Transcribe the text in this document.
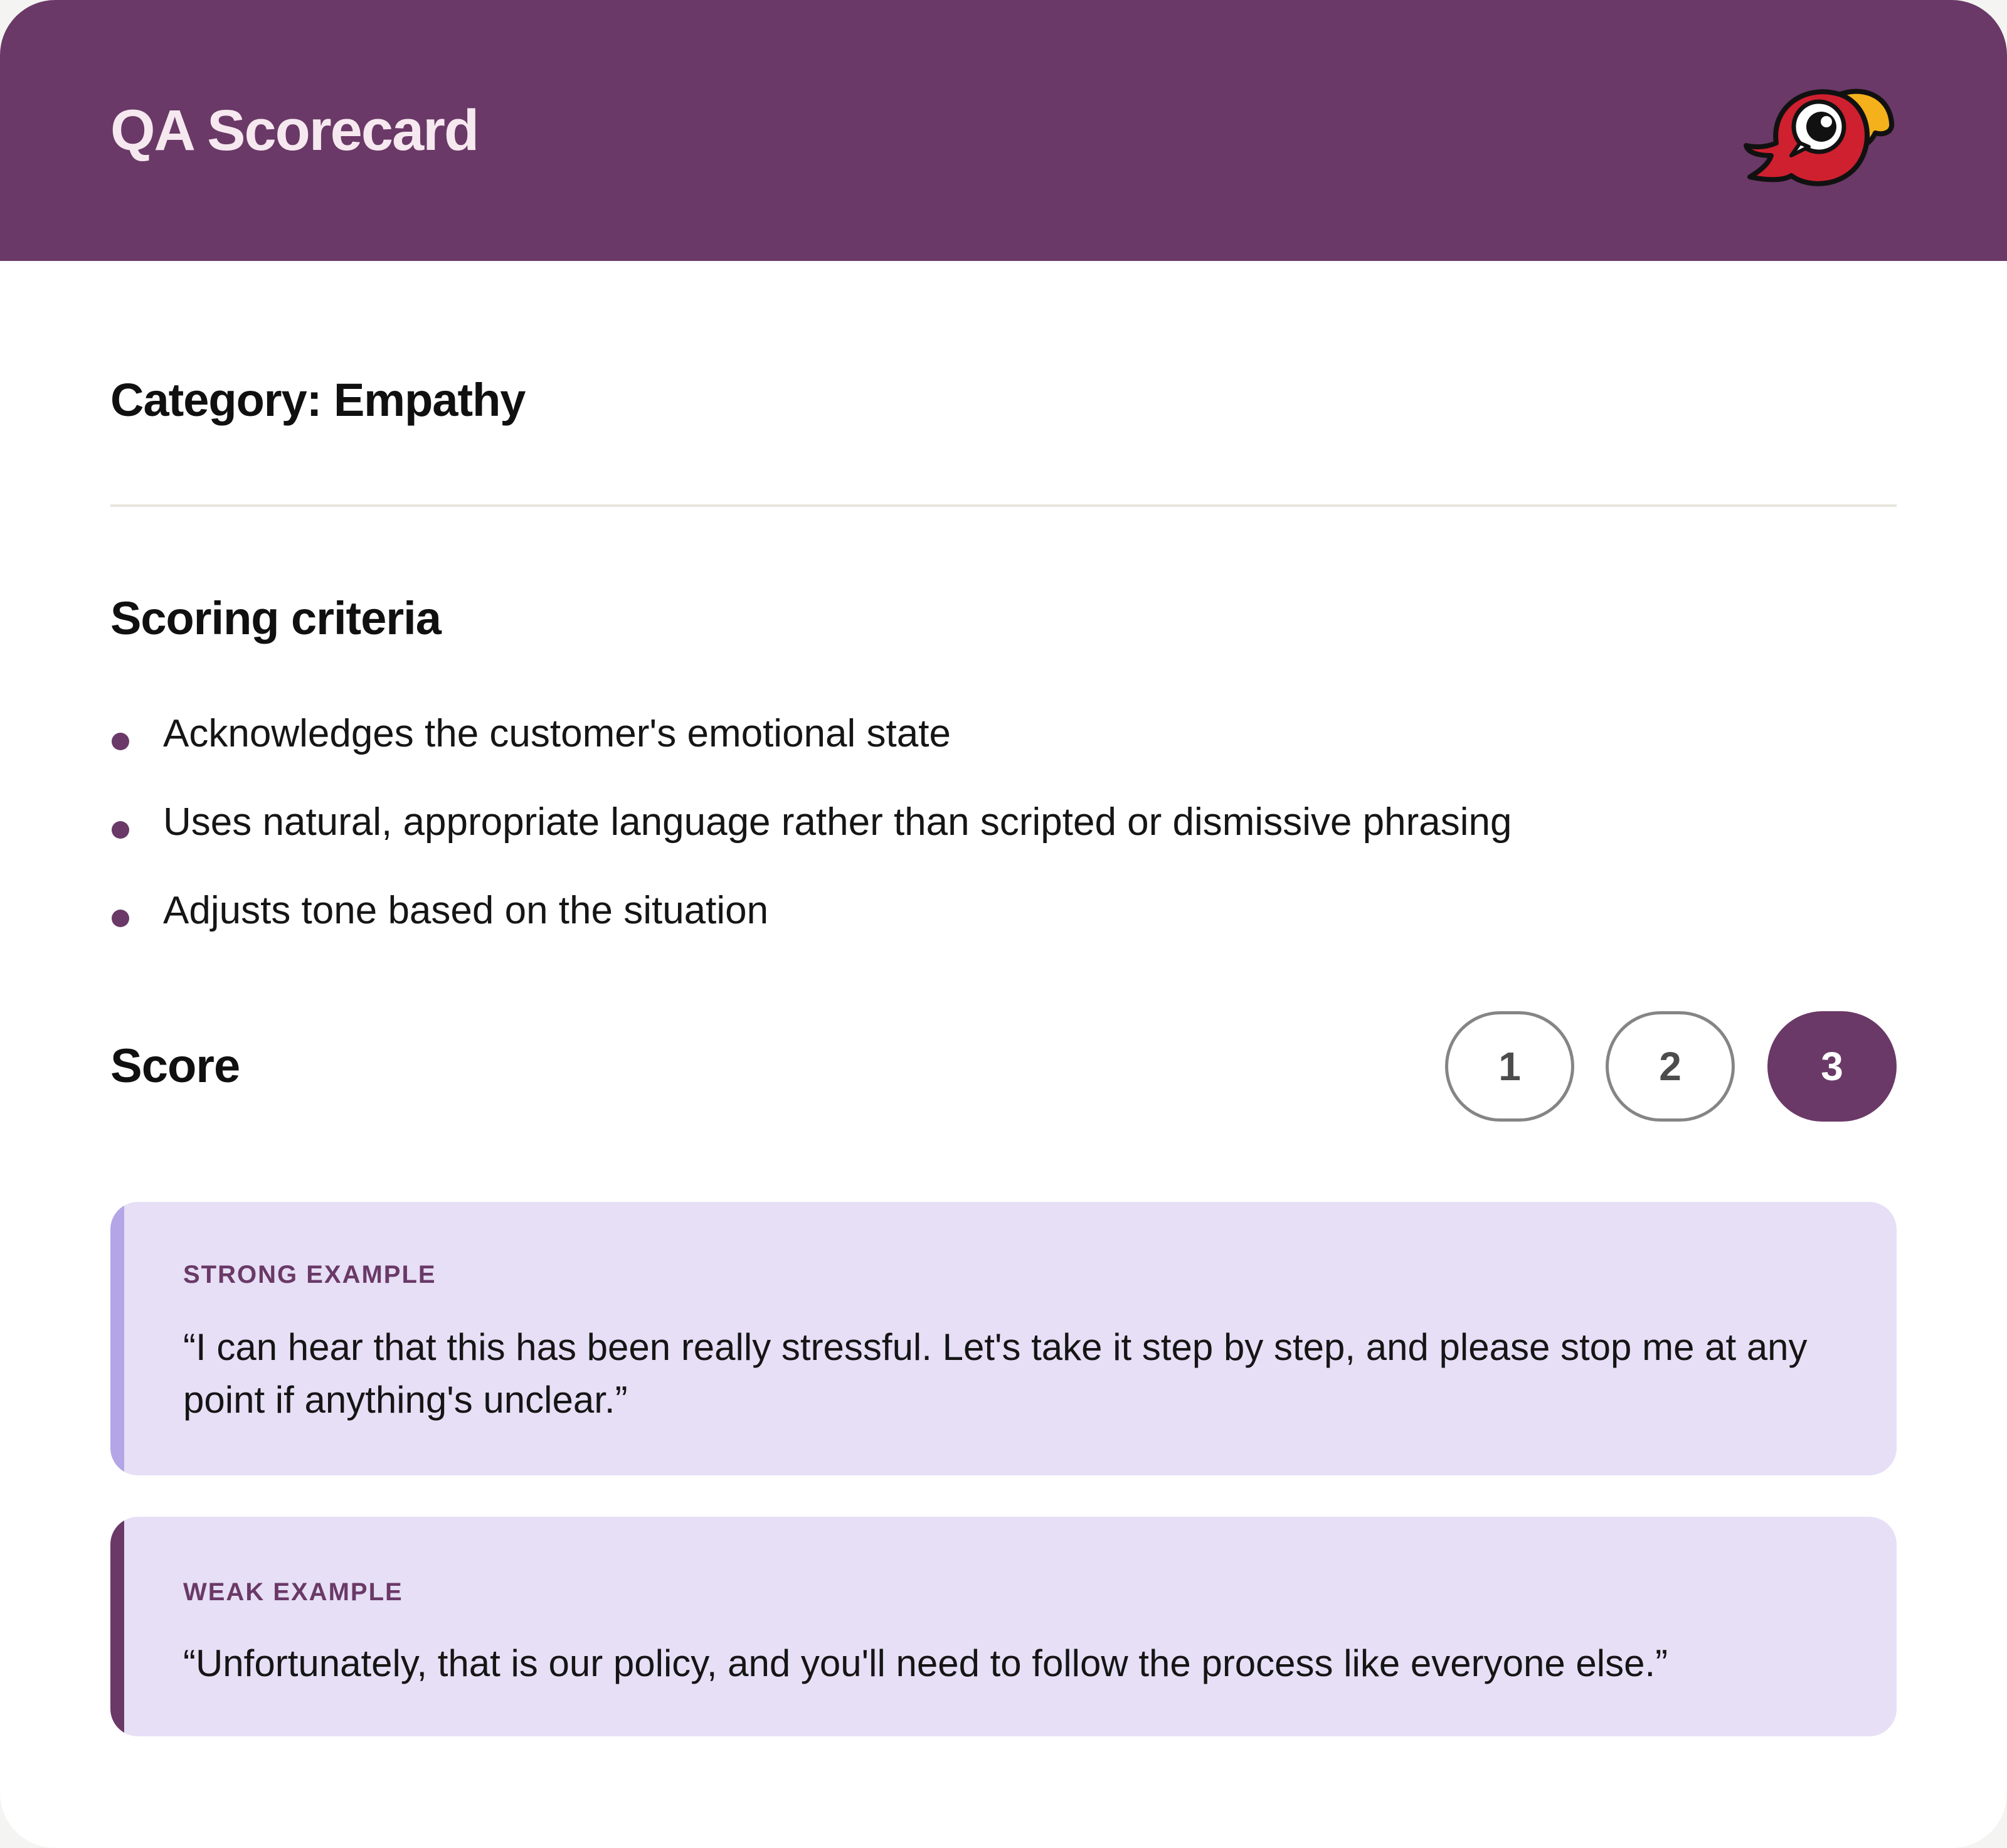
QA Scorecard
Category: Empathy
Scoring criteria
Acknowledges the customer's emotional state
Uses natural, appropriate language rather than scripted or dismissive phrasing
Adjusts tone based on the situation
Score	1	2	3
STRONG EXAMPLE
“I can hear that this has been really stressful. Let's take it step by step, and please stop me at any point if anything's unclear.”
WEAK EXAMPLE
“Unfortunately, that is our policy, and you'll need to follow the process like everyone else.”
